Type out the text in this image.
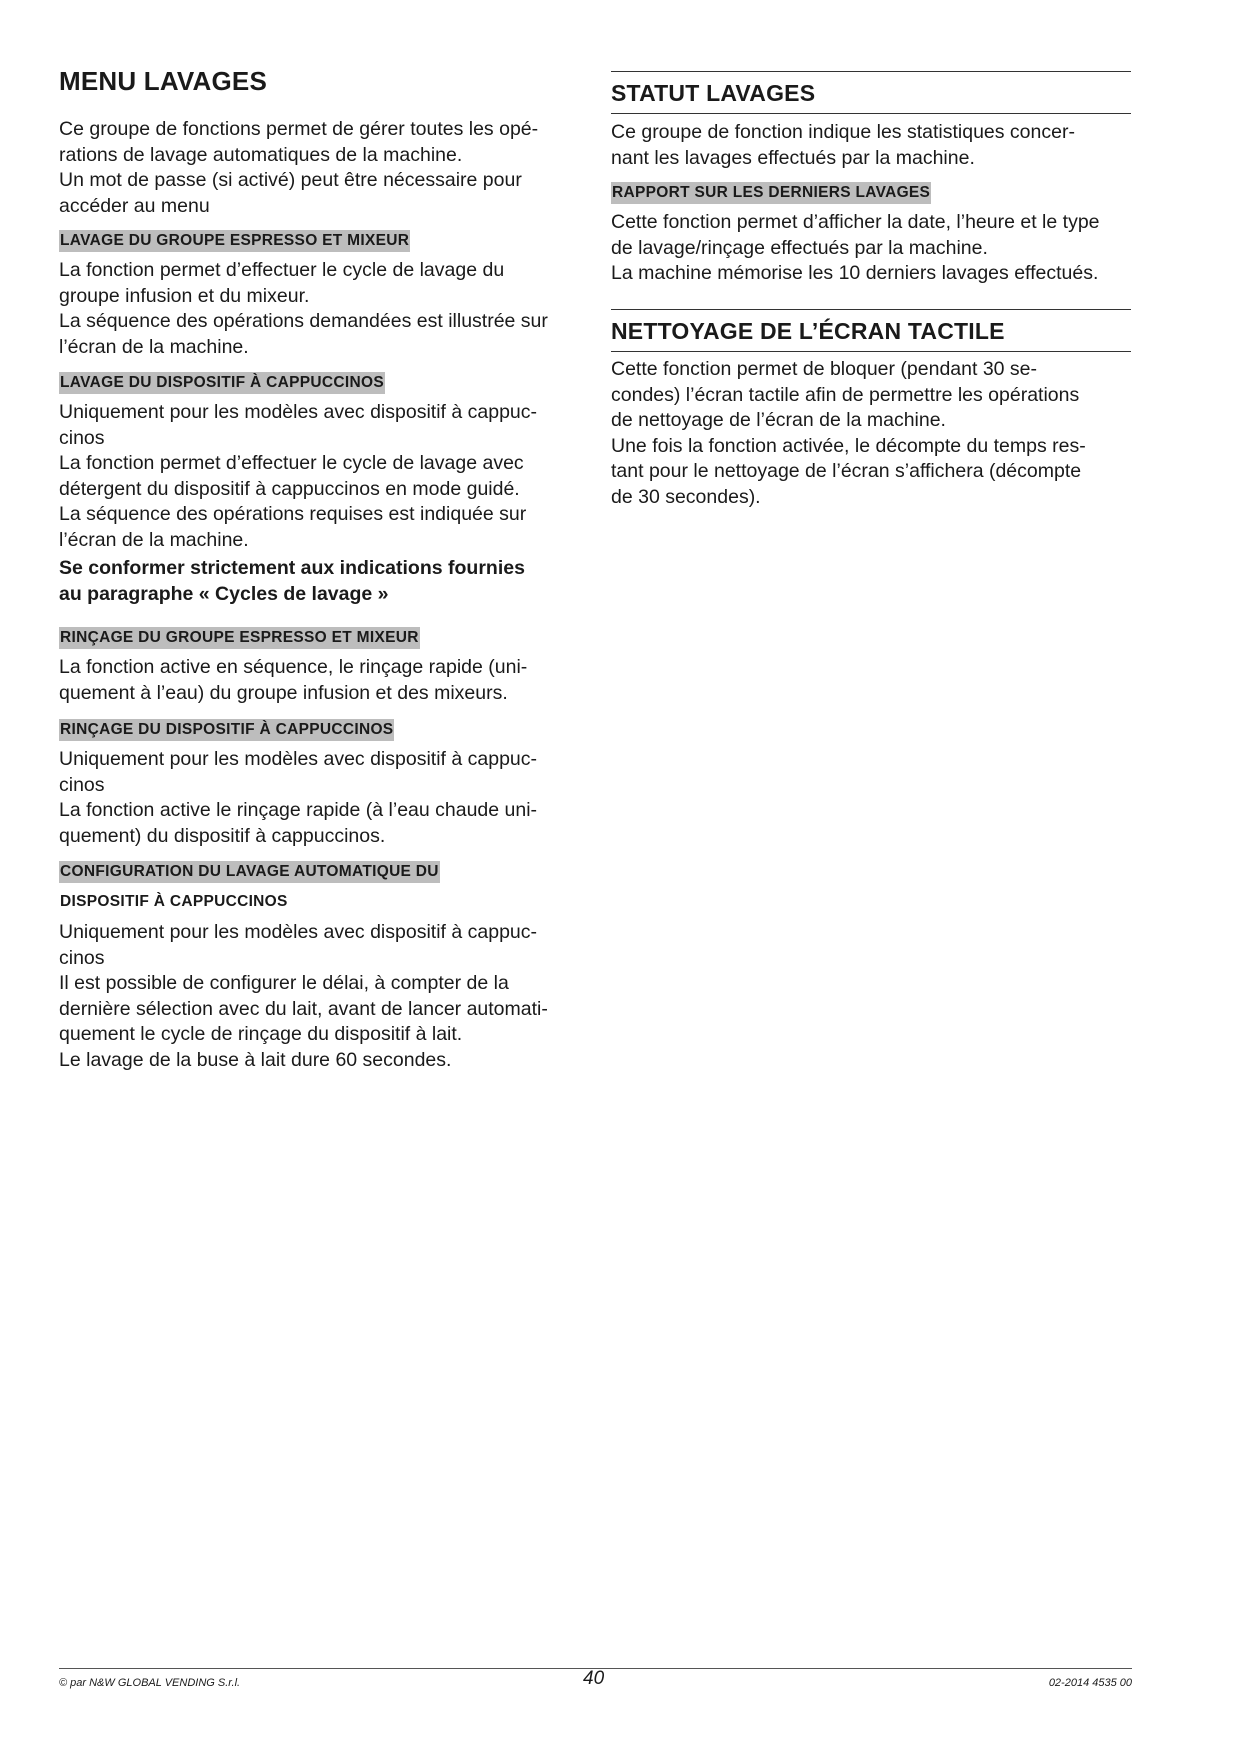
MENU LAVAGES
Ce groupe de fonctions permet de gérer toutes les opé-
rations de lavage automatiques de la machine.
Un mot de passe (si activé) peut être nécessaire pour
accéder au menu
LAVAGE DU GROUPE ESPRESSO ET MIXEUR
La fonction permet d’effectuer le cycle de lavage du
groupe infusion et du mixeur.
La séquence des opérations demandées est illustrée sur
l’écran de la machine.
LAVAGE DU DISPOSITIF À CAPPUCCINOS
Uniquement pour les modèles avec dispositif à cappuc-
cinos
La fonction permet d’effectuer le cycle de lavage avec
détergent du dispositif à cappuccinos en mode guidé.
La séquence des opérations requises est indiquée sur
l’écran de la machine.
Se conformer strictement aux indications fournies
au paragraphe « Cycles de lavage »
RINÇAGE DU GROUPE ESPRESSO ET MIXEUR
La fonction active en séquence, le rinçage rapide (uni-
quement à l’eau) du groupe infusion et des mixeurs.
RINÇAGE DU DISPOSITIF À CAPPUCCINOS
Uniquement pour les modèles avec dispositif à cappuc-
cinos
La fonction active le rinçage rapide (à l’eau chaude uni-
quement) du dispositif à cappuccinos.
CONFIGURATION DU LAVAGE AUTOMATIQUE DU
DISPOSITIF À CAPPUCCINOS
Uniquement pour les modèles avec dispositif à cappuc-
cinos
Il est possible de configurer le délai, à compter de la
dernière sélection avec du lait, avant de lancer automati-
quement le cycle de rinçage du dispositif à lait.
Le lavage de la buse à lait dure 60 secondes.
STATUT LAVAGES
Ce groupe de fonction indique les statistiques concer-
nant les lavages effectués par la machine.
RAPPORT SUR LES DERNIERS LAVAGES
Cette fonction permet d’afficher la date, l’heure et le type
de lavage/rinçage effectués par la machine.
La machine mémorise les 10 derniers lavages effectués.
NETTOYAGE DE L’ÉCRAN TACTILE
Cette fonction permet de bloquer (pendant 30 se-
condes) l’écran tactile afin de permettre les opérations
de nettoyage de l’écran de la machine.
Une fois la fonction activée, le décompte du temps res-
tant pour le nettoyage de l’écran s’affichera (décompte
de 30 secondes).
© par N&W GLOBAL VENDING S.r.l.	40	02-2014 4535 00
